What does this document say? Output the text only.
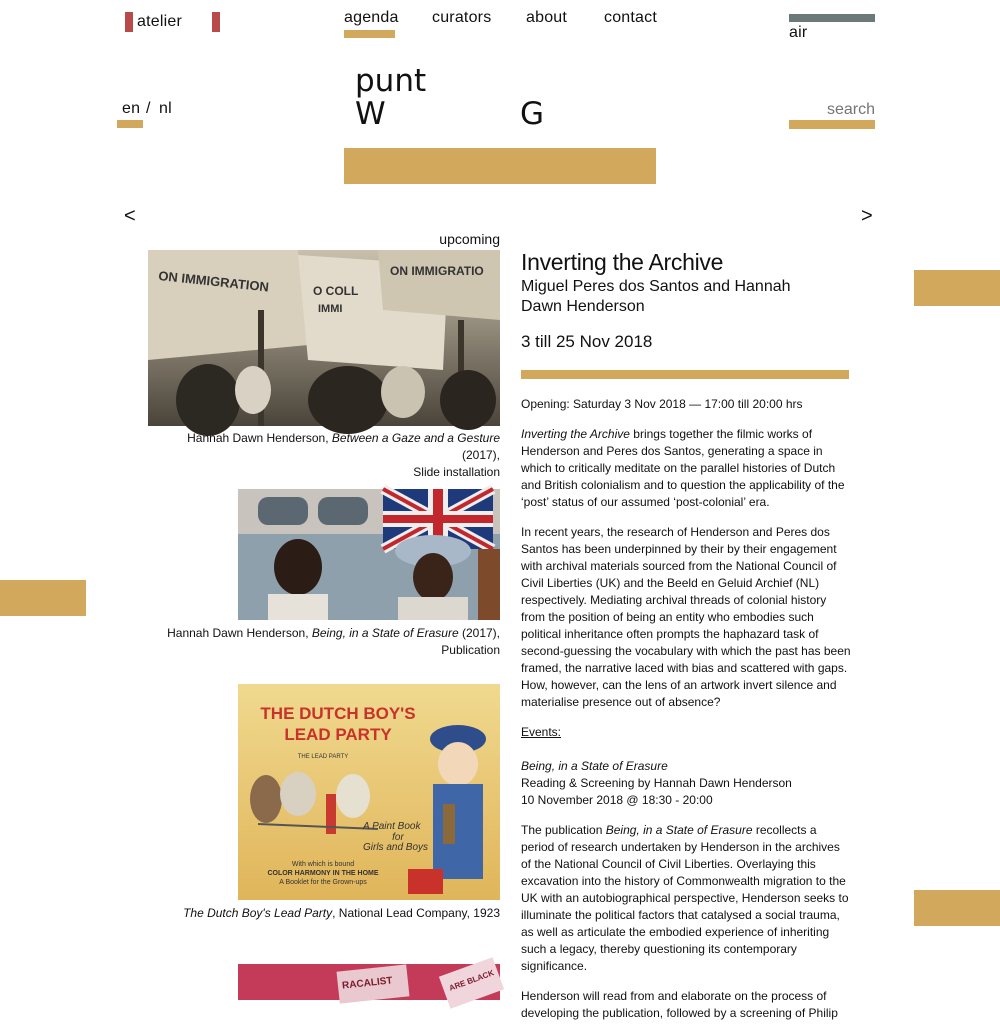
atelier	agenda curators about contact
air
en / nl
punt
W	G
search
<	>
upcoming
ON IMMIGRATION	O COLL
IMMI
ON IMMIGRATIO
Hannah Dawn Henderson, Between a Gaze and a Gesture (2017),
Slide installation
Hannah Dawn Henderson, Being, in a State of Erasure (2017),
Publication
THE DUTCH BOY'S
LEAD PARTY
THE LEAD PARTY
A Paint Book
for
Girls and Boys
With which is bound
COLOR HARMONY IN THE HOME
A Booklet for the Grown-ups
The Dutch Boy's Lead Party, National Lead Company, 1923
RACALIST	ARE BLACK
Inverting the Archive
Miguel Peres dos Santos and Hannah Dawn Henderson
3 till 25 Nov 2018

Opening: Saturday 3 Nov 2018 — 17:00 till 20:00 hrs

Inverting the Archive brings together the filmic works of Henderson and Peres dos Santos, generating a space in which to critically meditate on the parallel histories of Dutch and British colonialism and to question the applicability of the ‘post’ status of our assumed ‘post-colonial’ era.

In recent years, the research of Henderson and Peres dos Santos has been underpinned by their by their engagement with archival materials sourced from the National Council of Civil Liberties (UK) and the Beeld en Geluid Archief (NL) respectively. Mediating archival threads of colonial history from the position of being an entity who embodies such political inheritance often prompts the haphazard task of second-guessing the vocabulary with which the past has been framed, the narrative laced with bias and scattered with gaps. How, however, can the lens of an artwork invert silence and materialise presence out of absence?

Events:

Being, in a State of Erasure
Reading & Screening by Hannah Dawn Henderson
10 November 2018 @ 18:30 - 20:00

The publication Being, in a State of Erasure recollects a period of research undertaken by Henderson in the archives of the National Council of Civil Liberties. Overlaying this excavation into the history of Commonwealth migration to the UK with an autobiographical perspective, Henderson seeks to illuminate the political factors that catalysed a social trauma, as well as articulate the embodied experience of inheriting such a legacy, thereby questioning its contemporary significance.

Henderson will read from and elaborate on the process of developing the publication, followed by a screening of Philip
